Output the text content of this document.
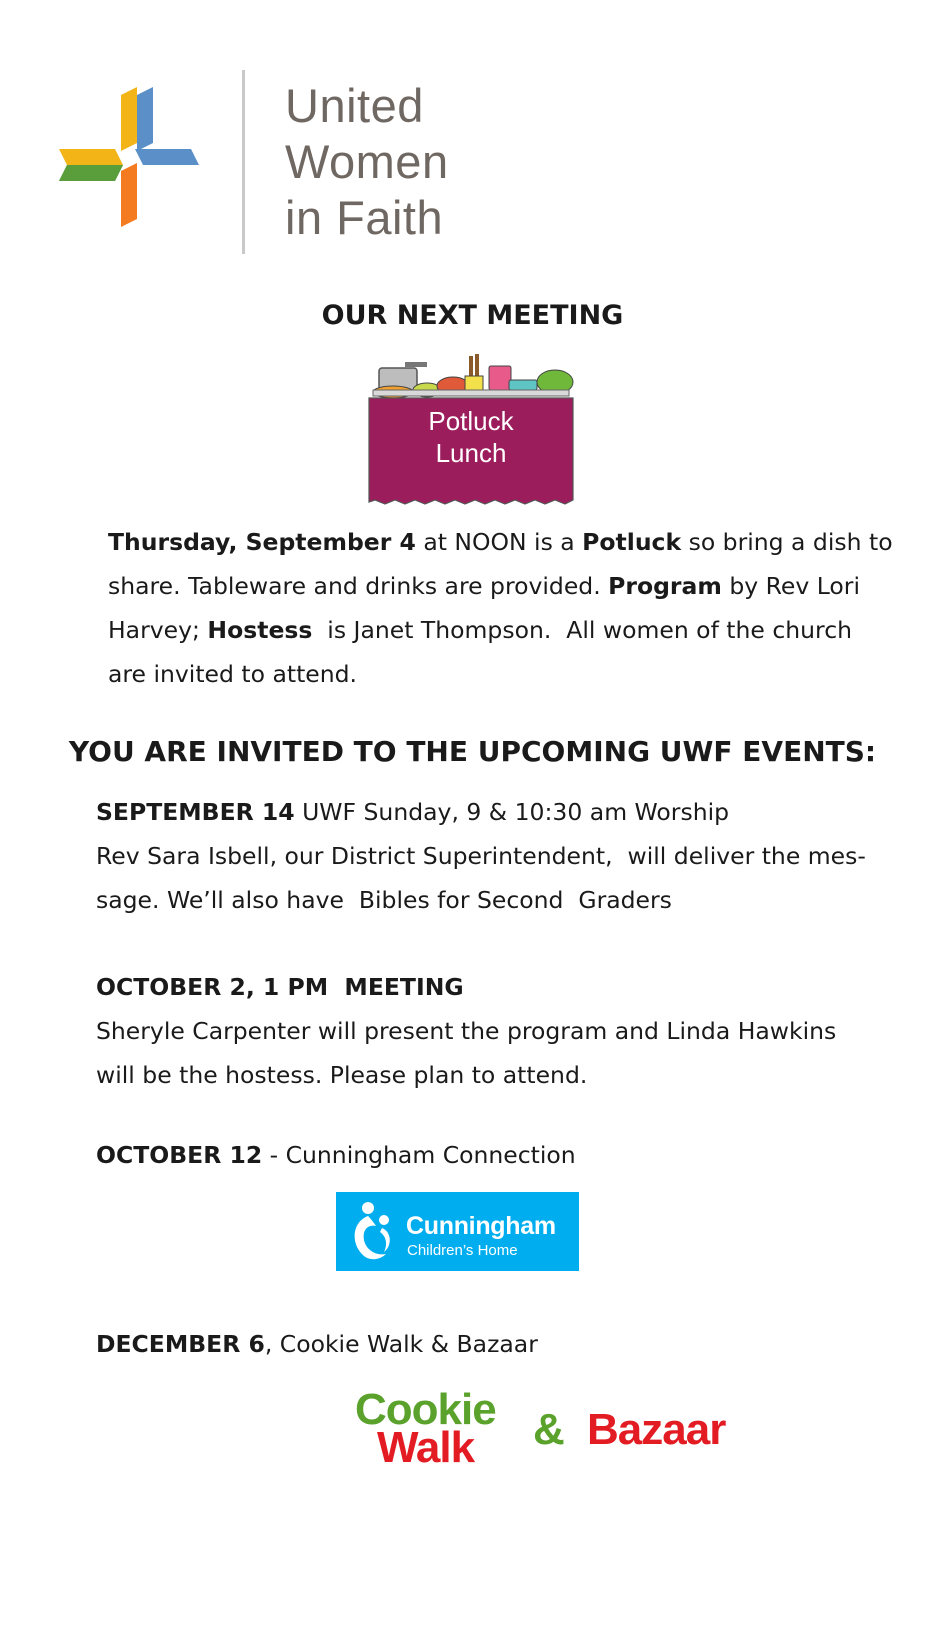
United
Women
in Faith
OUR NEXT MEETING
Potluck
Lunch
Thursday, September 4 at NOON is a Potluck so bring a dish to
share. Tableware and drinks are provided. Program by Rev Lori
Harvey; Hostess  is Janet Thompson.  All women of the church
are invited to attend.
YOU ARE INVITED TO THE UPCOMING UWF EVENTS:
SEPTEMBER 14 UWF Sunday, 9 & 10:30 am Worship
Rev Sara Isbell, our District Superintendent,  will deliver the mes-
sage. We’ll also have  Bibles for Second  Graders
OCTOBER 2, 1 PM  MEETING
Sheryle Carpenter will present the program and Linda Hawkins
will be the hostess. Please plan to attend.
OCTOBER 12 - Cunningham Connection
Cunningham
Children’s Home
DECEMBER 6, Cookie Walk & Bazaar
Cookie
Walk & Bazaar
